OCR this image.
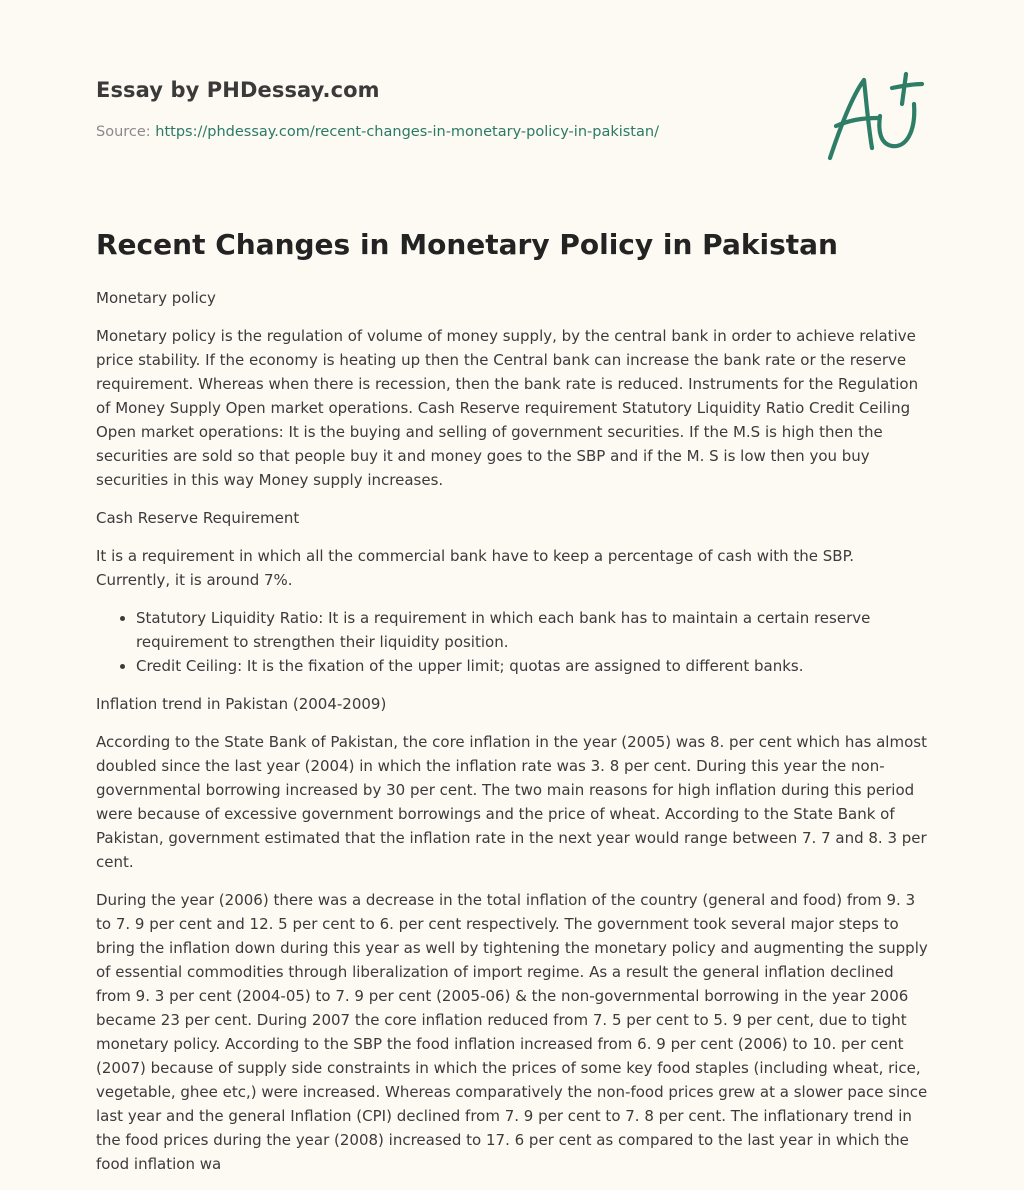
Essay by PHDessay.com
Source: https://phdessay.com/recent-changes-in-monetary-policy-in-pakistan/
Recent Changes in Monetary Policy in Pakistan

Monetary policy

Monetary policy is the regulation of volume of money supply, by the central bank in order to achieve relative price stability. If the economy is heating up then the Central bank can increase the bank rate or the reserve requirement. Whereas when there is recession, then the bank rate is reduced. Instruments for the Regulation of Money Supply Open market operations. Cash Reserve requirement Statutory Liquidity Ratio Credit Ceiling Open market operations: It is the buying and selling of government securities. If the M.S is high then the securities are sold so that people buy it and money goes to the SBP and if the M. S is low then you buy securities in this way Money supply increases.

Cash Reserve Requirement

It is a requirement in which all the commercial bank have to keep a percentage of cash with the SBP. Currently, it is around 7%.

• Statutory Liquidity Ratio: It is a requirement in which each bank has to maintain a certain reserve requirement to strengthen their liquidity position.
• Credit Ceiling: It is the fixation of the upper limit; quotas are assigned to different banks.

Inflation trend in Pakistan (2004-2009)

According to the State Bank of Pakistan, the core inflation in the year (2005) was 8. per cent which has almost doubled since the last year (2004) in which the inflation rate was 3. 8 per cent. During this year the non-governmental borrowing increased by 30 per cent. The two main reasons for high inflation during this period were because of excessive government borrowings and the price of wheat. According to the State Bank of Pakistan, government estimated that the inflation rate in the next year would range between 7. 7 and 8. 3 per cent.

During the year (2006) there was a decrease in the total inflation of the country (general and food) from 9. 3 to 7. 9 per cent and 12. 5 per cent to 6. per cent respectively. The government took several major steps to bring the inflation down during this year as well by tightening the monetary policy and augmenting the supply of essential commodities through liberalization of import regime. As a result the general inflation declined from 9. 3 per cent (2004-05) to 7. 9 per cent (2005-06) & the non-governmental borrowing in the year 2006 became 23 per cent. During 2007 the core inflation reduced from 7. 5 per cent to 5. 9 per cent, due to tight monetary policy. According to the SBP the food inflation increased from 6. 9 per cent (2006) to 10. per cent (2007) because of supply side constraints in which the prices of some key food staples (including wheat, rice, vegetable, ghee etc,) were increased. Whereas comparatively the non-food prices grew at a slower pace since last year and the general Inflation (CPI) declined from 7. 9 per cent to 7. 8 per cent. The inflationary trend in the food prices during the year (2008) increased to 17. 6 per cent as compared to the last year in which the food inflation wa
